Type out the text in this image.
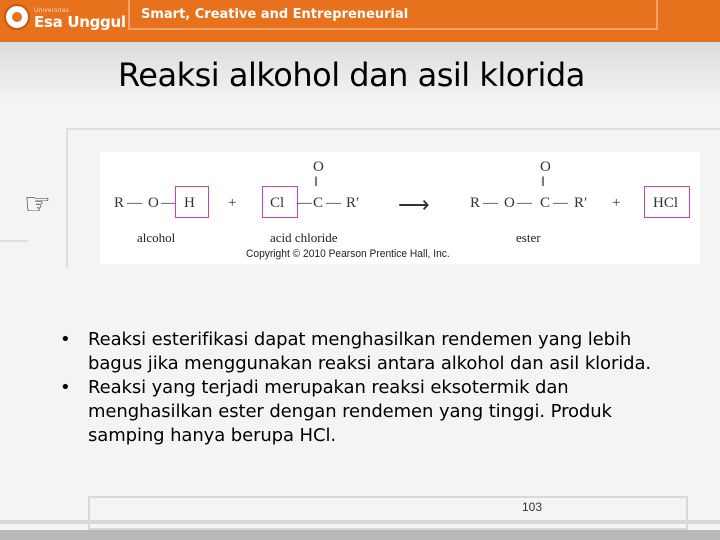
Universitas
Esa Unggul Smart, Creative and Entrepreneurial
Reaksi alkohol dan asil klorida
☞	R — O — H
alcohol
+ Cl —
O
‖
C — R′
acid chloride
⟶	R — O —
O
‖
C — R′
ester
+ HCl
Copyright © 2010 Pearson Prentice Hall, Inc.
• Reaksi esterifikasi dapat menghasilkan rendemen yang lebih bagus jika menggunakan reaksi antara alkohol dan asil klorida.
• Reaksi yang terjadi merupakan reaksi eksotermik dan menghasilkan ester dengan rendemen yang tinggi. Produk samping hanya berupa HCl.
103
